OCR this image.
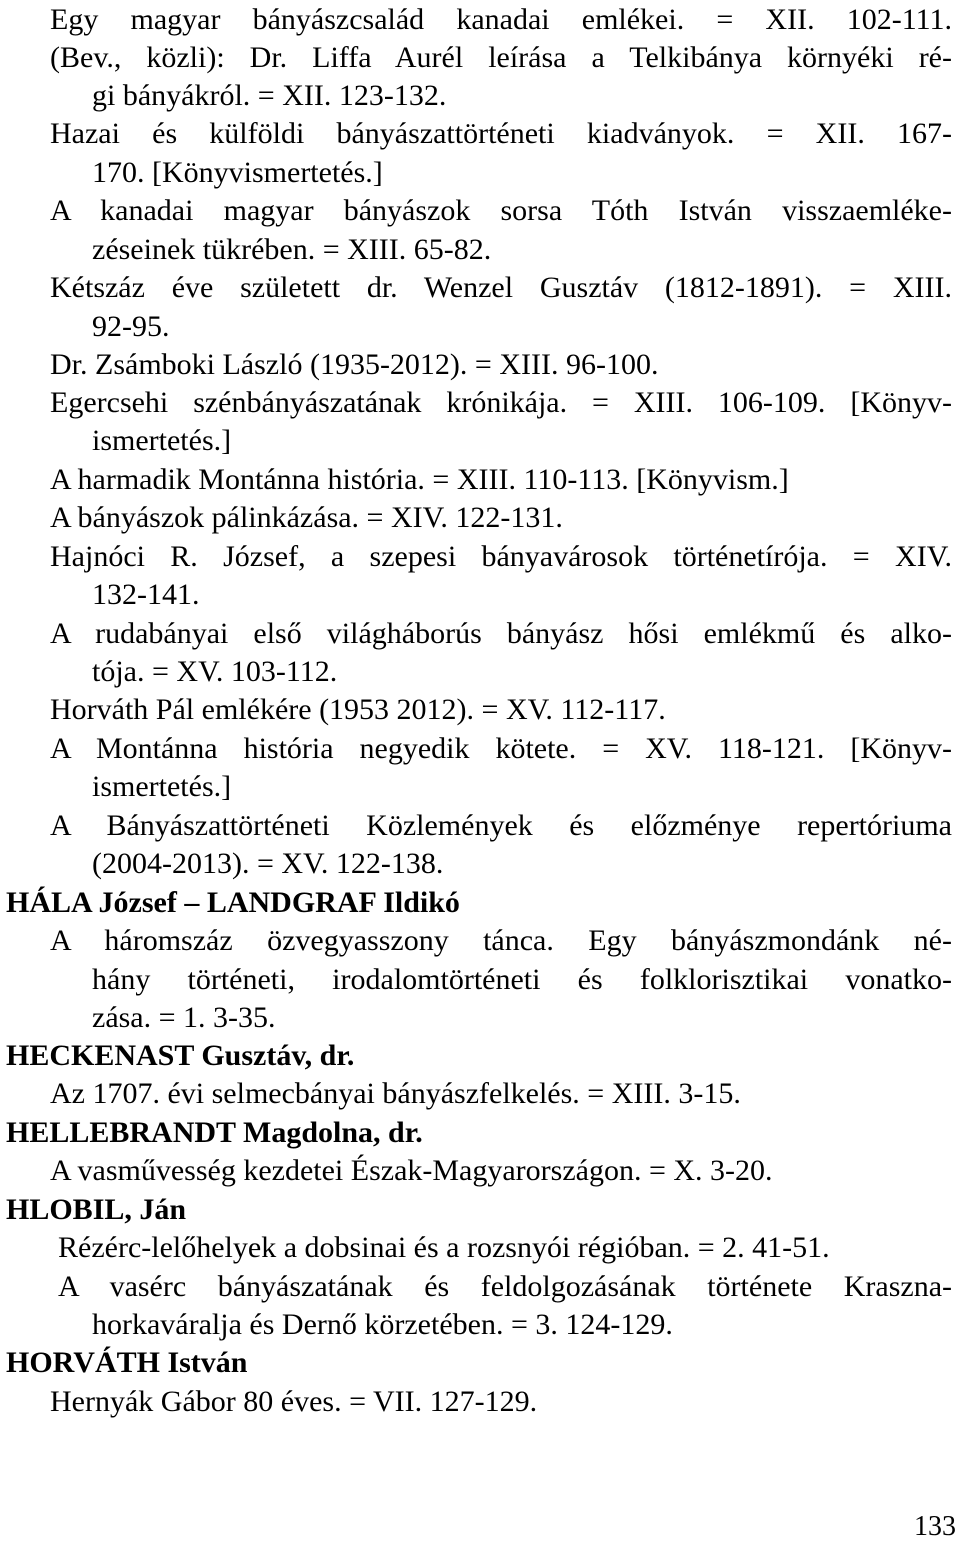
Egy magyar bányászcsalád kanadai emlékei. = XII. 102-111.
(Bev., közli): Dr. Liffa Aurél leírása a Telkibánya környéki ré-
gi bányákról. = XII. 123-132.
Hazai és külföldi bányászattörténeti kiadványok. = XII. 167-
170. [Könyvismertetés.]
A kanadai magyar bányászok sorsa Tóth István visszaemléke-
zéseinek tükrében. = XIII. 65-82.
Kétszáz éve született dr. Wenzel Gusztáv (1812-1891). = XIII.
92-95.
Dr. Zsámboki László (1935-2012). = XIII. 96-100.
Egercsehi szénbányászatának krónikája. = XIII. 106-109. [Könyv-
ismertetés.]
A harmadik Montánna história. = XIII. 110-113. [Könyvism.]
A bányászok pálinkázása. = XIV. 122-131.
Hajnóci R. József, a szepesi bányavárosok történetírója. = XIV.
132-141.
A rudabányai első világháborús bányász hősi emlékmű és alko-
tója. = XV. 103-112.
Horváth Pál emlékére (1953 2012). = XV. 112-117.
A Montánna história negyedik kötete. = XV. 118-121. [Könyv-
ismertetés.]
A Bányászattörténeti Közlemények és előzménye repertóriuma
(2004-2013). = XV. 122-138.
HÁLA József – LANDGRAF Ildikó
A háromszáz özvegyasszony tánca. Egy bányászmondánk né-
hány történeti, irodalomtörténeti és folklorisztikai vonatko-
zása. = 1. 3-35.
HECKENAST Gusztáv, dr.
Az 1707. évi selmecbányai bányászfelkelés. = XIII. 3-15.
HELLEBRANDT Magdolna, dr.
A vasművesség kezdetei Észak-Magyarországon. = X. 3-20.
HLOBIL, Ján
Rézérc-lelőhelyek a dobsinai és a rozsnyói régióban. = 2. 41-51.
A vasérc bányászatának és feldolgozásának története Kraszna-
horkaváralja és Dernő körzetében. = 3. 124-129.
HORVÁTH István
Hernyák Gábor 80 éves. = VII. 127-129.
133
